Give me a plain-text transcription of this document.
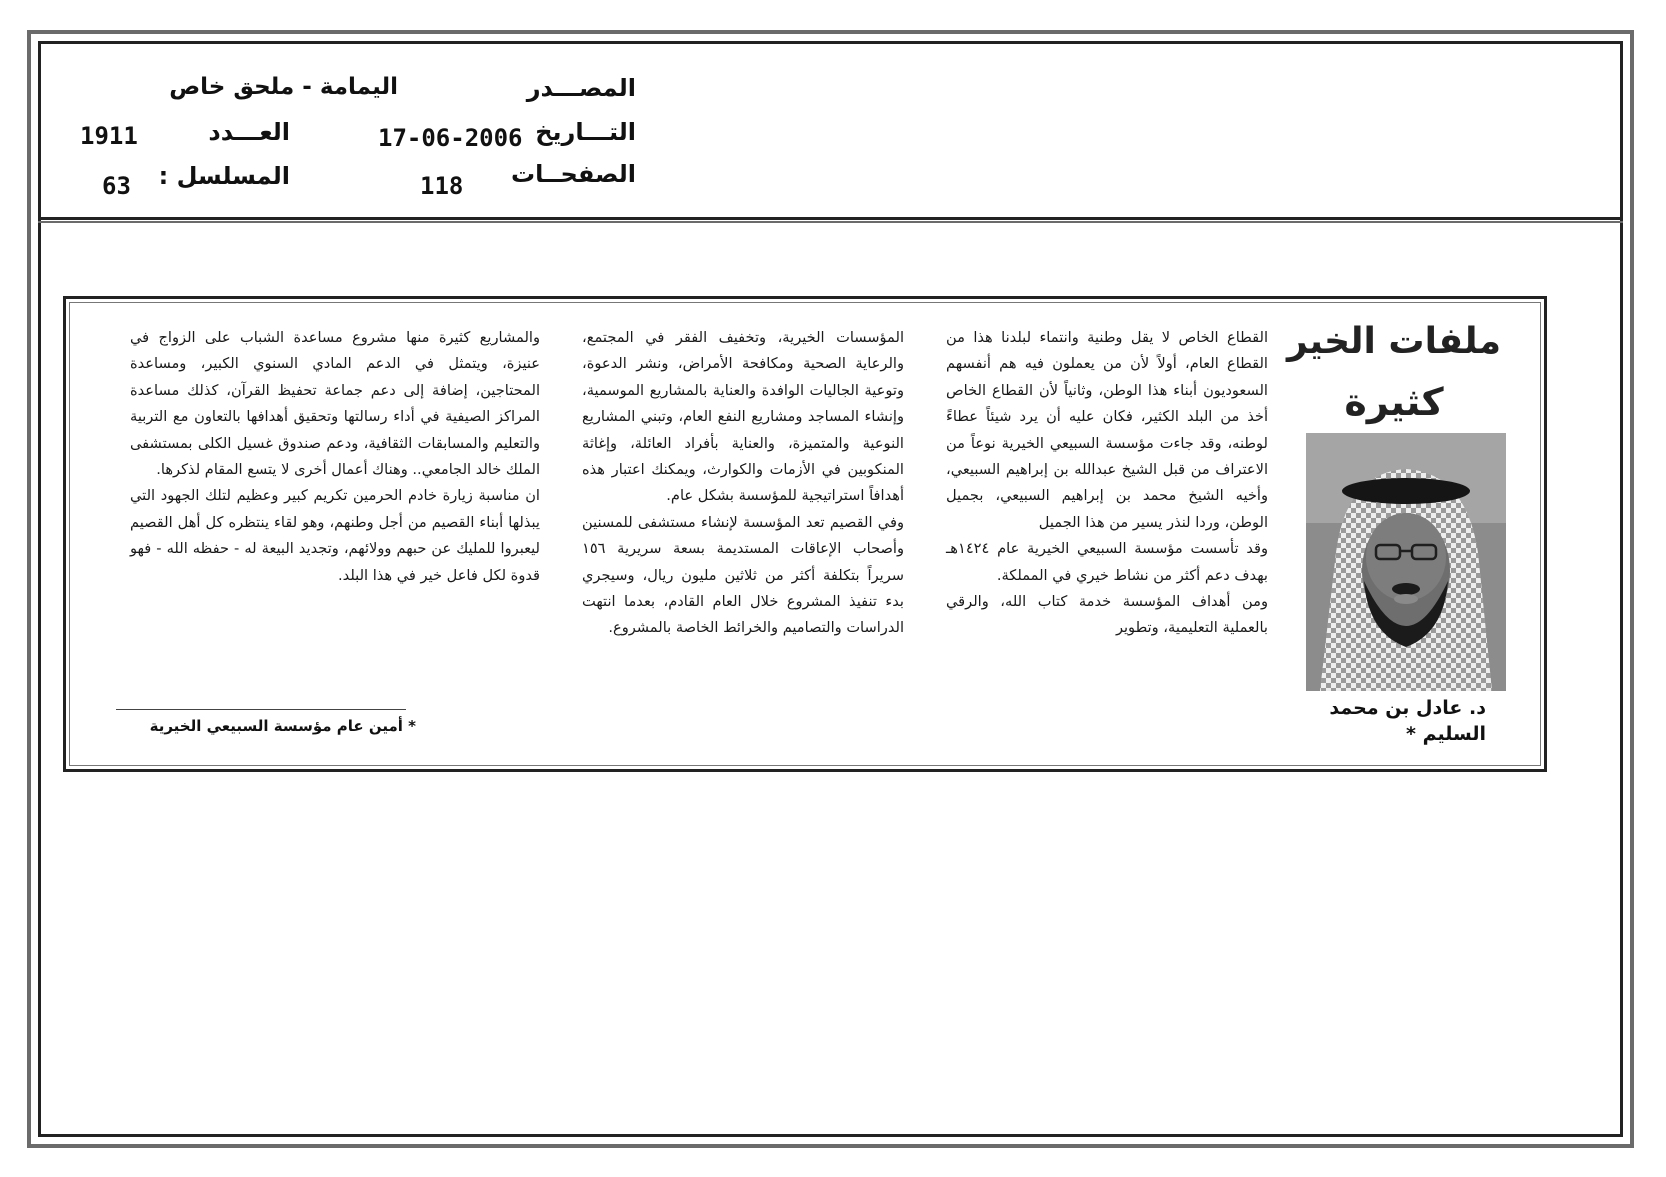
المصـــدر
اليمامة - ملحق خاص
التـــاريخ
17-06-2006
العـــدد
1911
الصفحــات
118
المسلسل :
63
ملفات الخير
كثيرة
د. عادل بن محمد
السليم *

القطاع الخاص لا يقل وطنية وانتماء لبلدنا هذا من القطاع العام، أولاً لأن من يعملون فيه هم أنفسهم السعوديون أبناء هذا الوطن، وثانياً لأن القطاع الخاص أخذ من البلد الكثير، فكان عليه أن يرد شيئاً عطاءً لوطنه، وقد جاءت مؤسسة السبيعي الخيرية نوعاً من الاعتراف من قبل الشيخ عبدالله بن إبراهيم السبيعي، وأخيه الشيخ محمد بن إبراهيم السبيعي، بجميل الوطن، وردا لنذر يسير من هذا الجميل

وقد تأسست مؤسسة السبيعي الخيرية عام ١٤٢٤هـ بهدف دعم أكثر من نشاط خيري في المملكة.

ومن أهداف المؤسسة خدمة كتاب الله، والرقي بالعملية التعليمية، وتطوير

المؤسسات الخيرية، وتخفيف الفقر في المجتمع، والرعاية الصحية ومكافحة الأمراض، ونشر الدعوة، وتوعية الجاليات الوافدة والعناية بالمشاريع الموسمية، وإنشاء المساجد ومشاريع النفع العام، وتبني المشاريع النوعية والمتميزة، والعناية بأفراد العائلة، وإغاثة المنكوبين في الأزمات والكوارث، ويمكنك اعتبار هذه أهدافاً استراتيجية للمؤسسة بشكل عام.

وفي القصيم تعد المؤسسة لإنشاء مستشفى للمسنين وأصحاب الإعاقات المستديمة بسعة سريرية ١٥٦ سريراً بتكلفة أكثر من ثلاثين مليون ريال، وسيجري بدء تنفيذ المشروع خلال العام القادم، بعدما انتهت الدراسات والتصاميم والخرائط الخاصة بالمشروع.

والمشاريع كثيرة منها مشروع مساعدة الشباب على الزواج في عنيزة، ويتمثل في الدعم المادي السنوي الكبير، ومساعدة المحتاجين، إضافة إلى دعم جماعة تحفيظ القرآن، كذلك مساعدة المراكز الصيفية في أداء رسالتها وتحقيق أهدافها بالتعاون مع التربية والتعليم والمسابقات الثقافية، ودعم صندوق غسيل الكلى بمستشفى الملك خالد الجامعي.. وهناك أعمال أخرى لا يتسع المقام لذكرها.

ان مناسبة زيارة خادم الحرمين تكريم كبير وعظيم لتلك الجهود التي يبذلها أبناء القصيم من أجل وطنهم، وهو لقاء ينتظره كل أهل القصيم ليعبروا للمليك عن حبهم وولائهم، وتجديد البيعة له - حفظه الله - فهو قدوة لكل فاعل خير في هذا البلد.

* أمين عام مؤسسة السبيعي الخيرية
